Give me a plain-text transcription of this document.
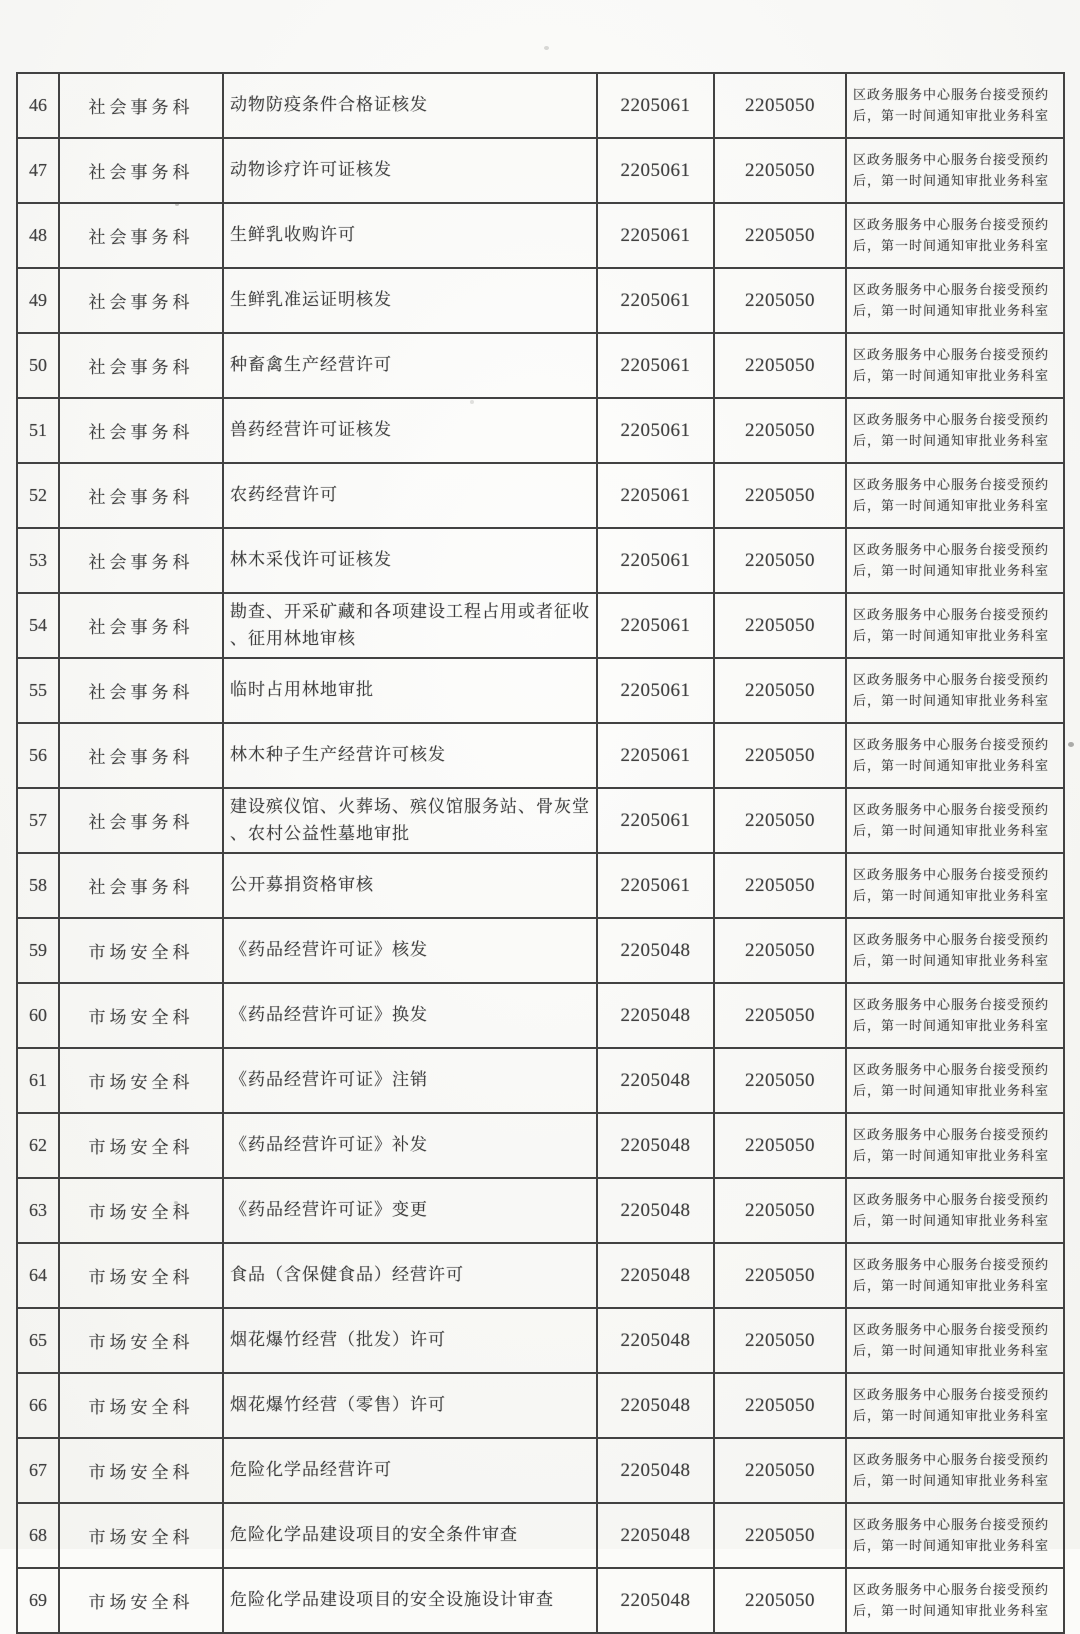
46	社会事务科	动物防疫条件合格证核发	2205061	2205050	区政务服务中心服务台接受预约后，第一时间通知审批业务科室
47	社会事务科	动物诊疗许可证核发	2205061	2205050	区政务服务中心服务台接受预约后，第一时间通知审批业务科室
48	社会事务科	生鲜乳收购许可	2205061	2205050	区政务服务中心服务台接受预约后，第一时间通知审批业务科室
49	社会事务科	生鲜乳准运证明核发	2205061	2205050	区政务服务中心服务台接受预约后，第一时间通知审批业务科室
50	社会事务科	种畜禽生产经营许可	2205061	2205050	区政务服务中心服务台接受预约后，第一时间通知审批业务科室
51	社会事务科	兽药经营许可证核发	2205061	2205050	区政务服务中心服务台接受预约后，第一时间通知审批业务科室
52	社会事务科	农药经营许可	2205061	2205050	区政务服务中心服务台接受预约后，第一时间通知审批业务科室
53	社会事务科	林木采伐许可证核发	2205061	2205050	区政务服务中心服务台接受预约后，第一时间通知审批业务科室
54	社会事务科	勘查、开采矿藏和各项建设工程占用或者征收、征用林地审核	2205061	2205050	区政务服务中心服务台接受预约后，第一时间通知审批业务科室
55	社会事务科	临时占用林地审批	2205061	2205050	区政务服务中心服务台接受预约后，第一时间通知审批业务科室
56	社会事务科	林木种子生产经营许可核发	2205061	2205050	区政务服务中心服务台接受预约后，第一时间通知审批业务科室
57	社会事务科	建设殡仪馆、火葬场、殡仪馆服务站、骨灰堂、农村公益性墓地审批	2205061	2205050	区政务服务中心服务台接受预约后，第一时间通知审批业务科室
58	社会事务科	公开募捐资格审核	2205061	2205050	区政务服务中心服务台接受预约后，第一时间通知审批业务科室
59	市场安全科	《药品经营许可证》核发	2205048	2205050	区政务服务中心服务台接受预约后，第一时间通知审批业务科室
60	市场安全科	《药品经营许可证》换发	2205048	2205050	区政务服务中心服务台接受预约后，第一时间通知审批业务科室
61	市场安全科	《药品经营许可证》注销	2205048	2205050	区政务服务中心服务台接受预约后，第一时间通知审批业务科室
62	市场安全科	《药品经营许可证》补发	2205048	2205050	区政务服务中心服务台接受预约后，第一时间通知审批业务科室
63	市场安全科	《药品经营许可证》变更	2205048	2205050	区政务服务中心服务台接受预约后，第一时间通知审批业务科室
64	市场安全科	食品（含保健食品）经营许可	2205048	2205050	区政务服务中心服务台接受预约后，第一时间通知审批业务科室
65	市场安全科	烟花爆竹经营（批发）许可	2205048	2205050	区政务服务中心服务台接受预约后，第一时间通知审批业务科室
66	市场安全科	烟花爆竹经营（零售）许可	2205048	2205050	区政务服务中心服务台接受预约后，第一时间通知审批业务科室
67	市场安全科	危险化学品经营许可	2205048	2205050	区政务服务中心服务台接受预约后，第一时间通知审批业务科室
68	市场安全科	危险化学品建设项目的安全条件审查	2205048	2205050	区政务服务中心服务台接受预约后，第一时间通知审批业务科室
69	市场安全科	危险化学品建设项目的安全设施设计审查	2205048	2205050	区政务服务中心服务台接受预约后，第一时间通知审批业务科室
